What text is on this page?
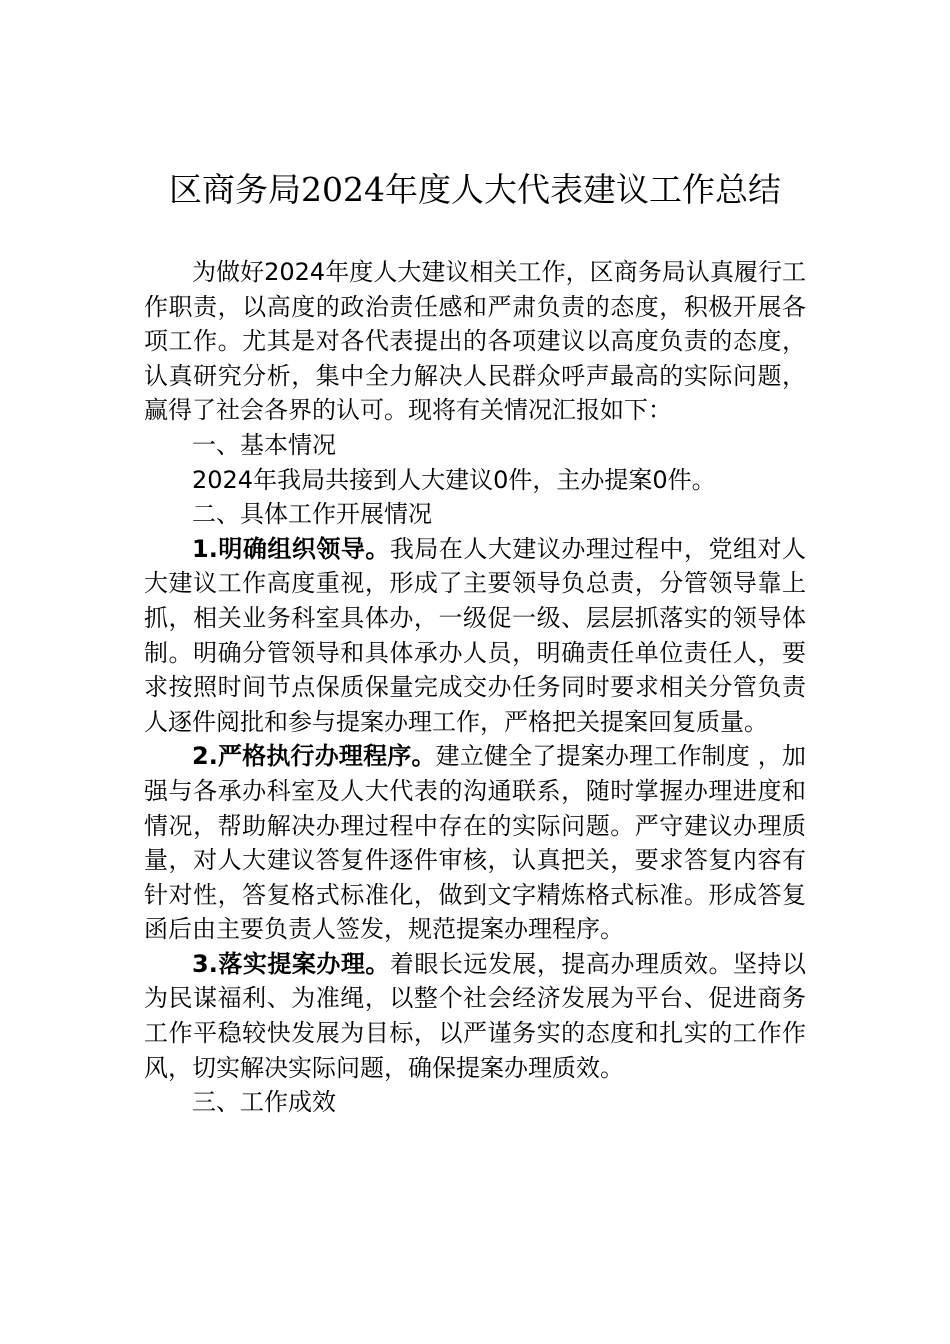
区商务局2024年度人大代表建议工作总结

为做好2024年度人大建议相关工作，区商务局认真履行工作职责，以高度的政治责任感和严肃负责的态度，积极开展各项工作。尤其是对各代表提出的各项建议以高度负责的态度，认真研究分析，集中全力解决人民群众呼声最高的实际问题，赢得了社会各界的认可。现将有关情况汇报如下：

一、基本情况

2024年我局共接到人大建议0件，主办提案0件。

二、具体工作开展情况

1.明确组织领导。我局在人大建议办理过程中，党组对人大建议工作高度重视，形成了主要领导负总责，分管领导靠上抓，相关业务科室具体办，一级促一级、层层抓落实的领导体制。明确分管领导和具体承办人员，明确责任单位责任人，要求按照时间节点保质保量完成交办任务同时要求相关分管负责人逐件阅批和参与提案办理工作，严格把关提案回复质量。

2.严格执行办理程序。建立健全了提案办理工作制度 ，加强与各承办科室及人大代表的沟通联系，随时掌握办理进度和情况，帮助解决办理过程中存在的实际问题。严守建议办理质量，对人大建议答复件逐件审核，认真把关，要求答复内容有针对性，答复格式标准化，做到文字精炼格式标准。形成答复函后由主要负责人签发，规范提案办理程序。

3.落实提案办理。着眼长远发展，提高办理质效。坚持以为民谋福利、为准绳，以整个社会经济发展为平台、促进商务工作平稳较快发展为目标，以严谨务实的态度和扎实的工作作风，切实解决实际问题，确保提案办理质效。

三、工作成效
